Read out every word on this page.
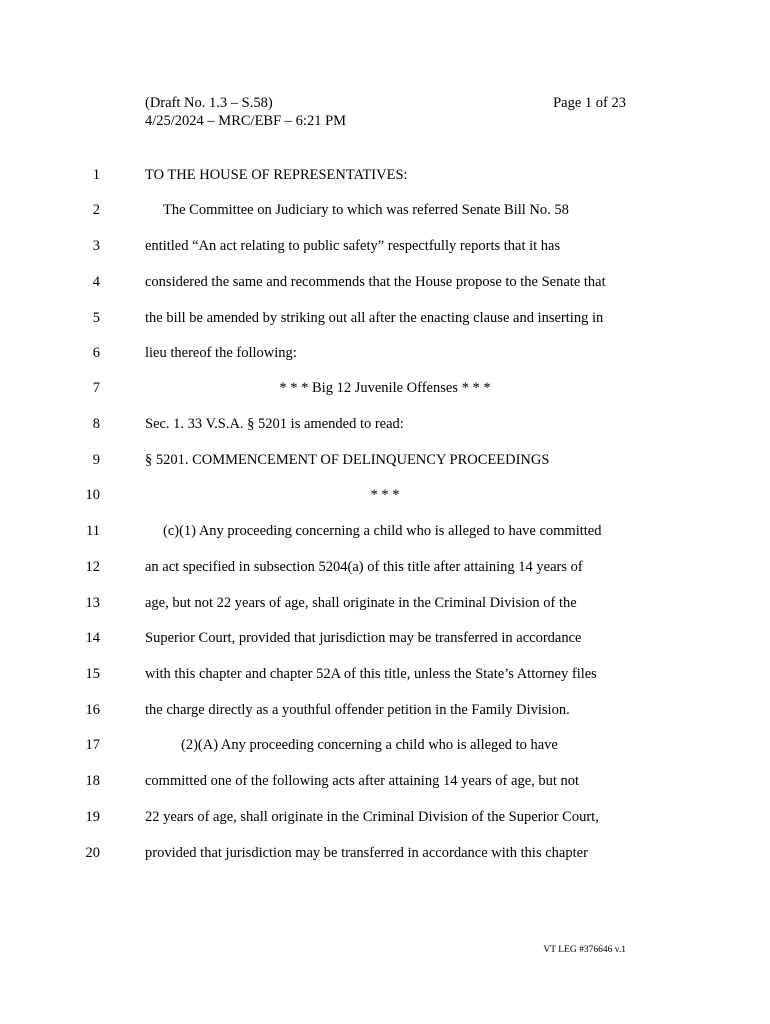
(Draft No. 1.3 – S.58)
4/25/2024 – MRC/EBF – 6:21 PM
Page 1 of 23
1	TO THE HOUSE OF REPRESENTATIVES:
2	The Committee on Judiciary to which was referred Senate Bill No. 58
3	entitled “An act relating to public safety” respectfully reports that it has
4	considered the same and recommends that the House propose to the Senate that
5	the bill be amended by striking out all after the enacting clause and inserting in
6	lieu thereof the following:
7	* * * Big 12 Juvenile Offenses * * *
8	Sec. 1. 33 V.S.A. § 5201 is amended to read:
9	§ 5201. COMMENCEMENT OF DELINQUENCY PROCEEDINGS
10	* * *
11	(c)(1) Any proceeding concerning a child who is alleged to have committed
12	an act specified in subsection 5204(a) of this title after attaining 14 years of
13	age, but not 22 years of age, shall originate in the Criminal Division of the
14	Superior Court, provided that jurisdiction may be transferred in accordance
15	with this chapter and chapter 52A of this title, unless the State’s Attorney files
16	the charge directly as a youthful offender petition in the Family Division.
17	(2)(A) Any proceeding concerning a child who is alleged to have
18	committed one of the following acts after attaining 14 years of age, but not
19	22 years of age, shall originate in the Criminal Division of the Superior Court,
20	provided that jurisdiction may be transferred in accordance with this chapter
VT LEG #376646 v.1
